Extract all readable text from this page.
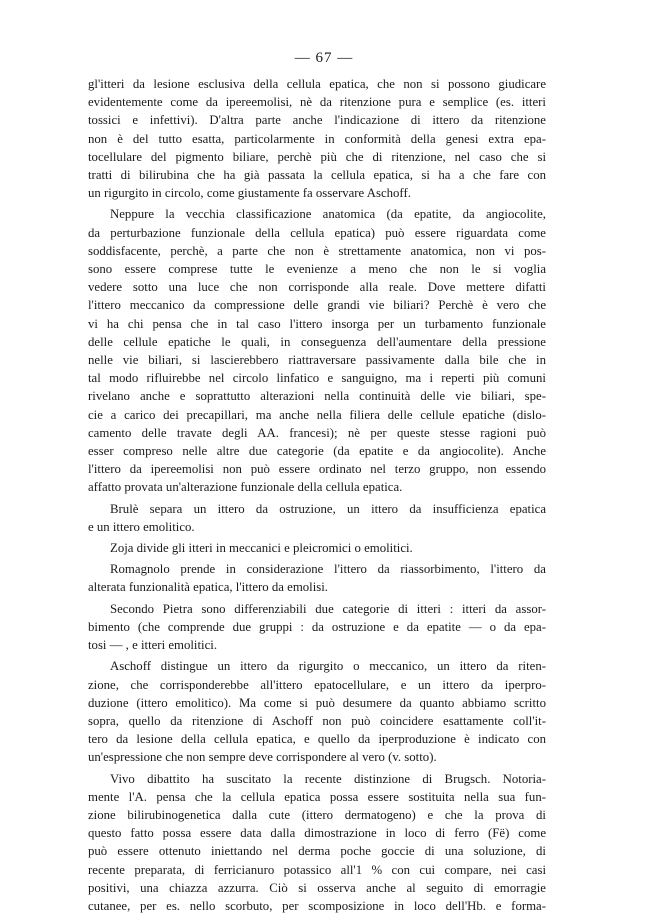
— 67 —
gl'itteri da lesione esclusiva della cellula epatica, che non si possono giudicare
evidentemente come da ipereemolisi, nè da ritenzione pura e semplice (es. itteri
tossici e infettivi). D'altra parte anche l'indicazione di ittero da ritenzione
non è del tutto esatta, particolarmente in conformità della genesi extra epa-
tocellulare del pigmento biliare, perchè più che di ritenzione, nel caso che si
tratti di bilirubina che ha già passata la cellula epatica, si ha a che fare con
un rigurgito in circolo, come giustamente fa osservare Aschoff.
Neppure la vecchia classificazione anatomica (da epatite, da angiocolite,
da perturbazione funzionale della cellula epatica) può essere riguardata come
soddisfacente, perchè, a parte che non è strettamente anatomica, non vi pos-
sono essere comprese tutte le evenienze a meno che non le si voglia
vedere sotto una luce che non corrisponde alla reale. Dove mettere difatti
l'ittero meccanico da compressione delle grandi vie biliari? Perchè è vero che
vi ha chi pensa che in tal caso l'ittero insorga per un turbamento funzionale
delle cellule epatiche le quali, in conseguenza dell'aumentare della pressione
nelle vie biliari, si lascierebbero riattraversare passivamente dalla bile che in
tal modo rifluirebbe nel circolo linfatico e sanguigno, ma i reperti più comuni
rivelano anche e soprattutto alterazioni nella continuità delle vie biliari, spe-
cie a carico dei precapillari, ma anche nella filiera delle cellule epatiche (dislo-
camento delle travate degli AA. francesi); nè per queste stesse ragioni può
esser compreso nelle altre due categorie (da epatite e da angiocolite). Anche
l'ittero da ipereemolisi non può essere ordinato nel terzo gruppo, non essendo
affatto provata un'alterazione funzionale della cellula epatica.
Brulè separa un ittero da ostruzione, un ittero da insufficienza epatica
e un ittero emolitico.
Zoja divide gli itteri in meccanici e pleicromici o emolitici.
Romagnolo prende in considerazione l'ittero da riassorbimento, l'ittero da
alterata funzionalità epatica, l'ittero da emolisi.
Secondo Pietra sono differenziabili due categorie di itteri : itteri da assor-
bimento (che comprende due gruppi : da ostruzione e da epatite — o da epa-
tosi — , e itteri emolitici.
Aschoff distingue un ittero da rigurgito o meccanico, un ittero da riten-
zione, che corrisponderebbe all'ittero epatocellulare, e un ittero da iperpro-
duzione (ittero emolitico). Ma come si può desumere da quanto abbiamo scritto
sopra, quello da ritenzione di Aschoff non può coincidere esattamente coll'it-
tero da lesione della cellula epatica, e quello da iperproduzione è indicato con
un'espressione che non sempre deve corrispondere al vero (v. sotto).
Vivo dibattito ha suscitato la recente distinzione di Brugsch. Notoria-
mente l'A. pensa che la cellula epatica possa essere sostituita nella sua fun-
zione bilirubinogenetica dalla cute (ittero dermatogeno) e che la prova di
questo fatto possa essere data dalla dimostrazione in loco di ferro (Fë) come
può essere ottenuto iniettando nel derma poche goccie di una soluzione, di
recente preparata, di ferricianuro potassico all'1 % con cui compare, nei casi
positivi, una chiazza azzurra. Ciò si osserva anche al seguito di emorragie
cutanee, per es. nello scorbuto, per scomposizione in loco dell'Hb. e forma-
